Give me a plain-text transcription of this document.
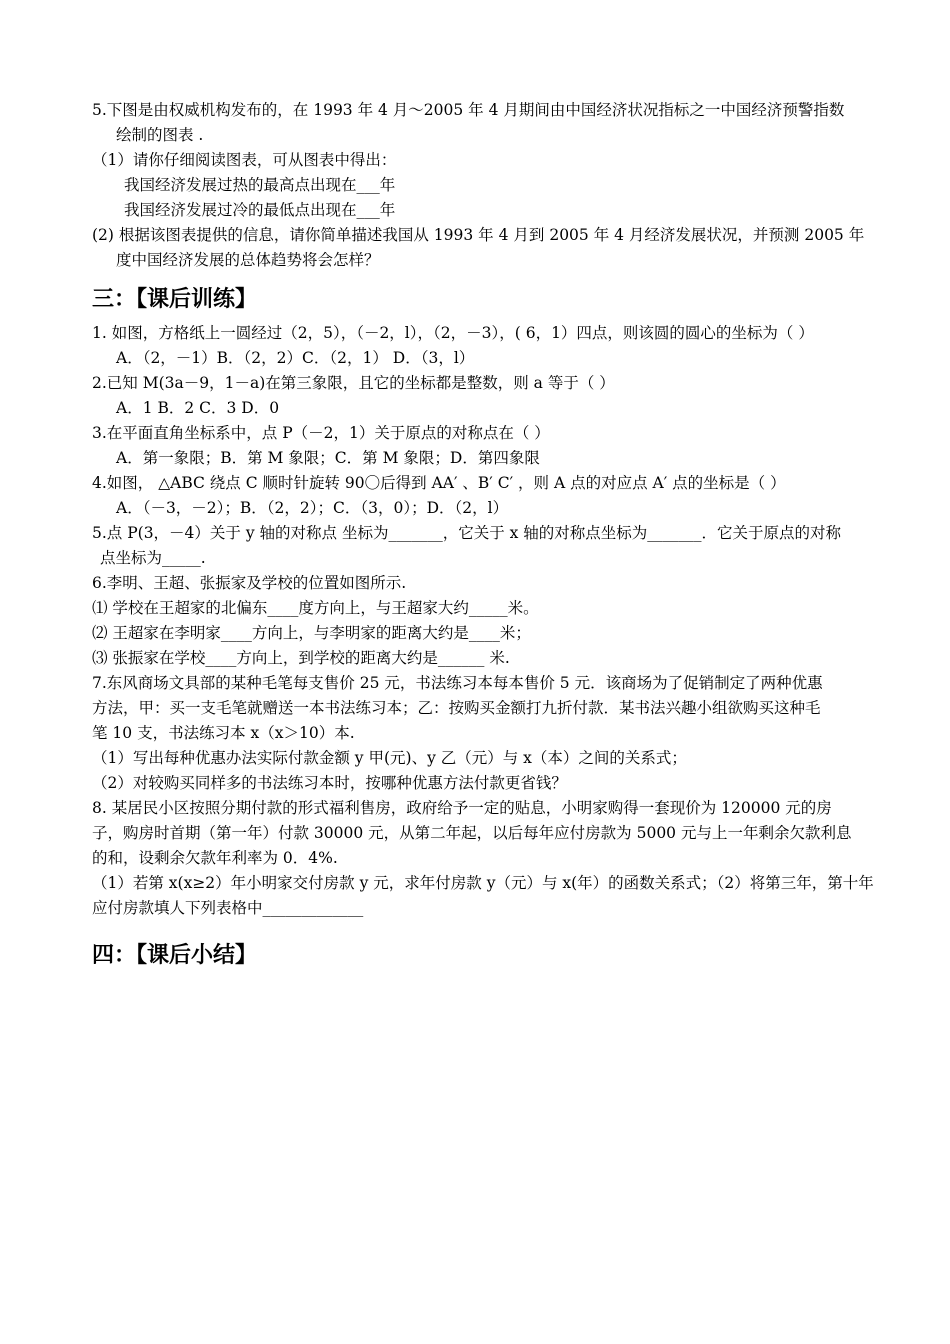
5.下图是由权威机构发布的，在 1993 年 4 月～2005 年 4 月期间由中国经济状况指标之一中国经济预警指数
绘制的图表 .
（1）请你仔细阅读图表，可从图表中得出：
我国经济发展过热的最高点出现在___年
我国经济发展过冷的最低点出现在___年
(2) 根据该图表提供的信息，请你简单描述我国从 1993 年 4 月到 2005 年 4 月经济发展状况，并预测 2005 年
度中国经济发展的总体趋势将会怎样？
三：【课后训练】
1. 如图，方格纸上一圆经过（2，5），（－2，l），（2，－3），( 6，1）四点，则该圆的圆心的坐标为（ ）
A．（2，－1）B．（2，2）C．（2，1） D．（3，l）
2.已知 M(3a－9，1－a)在第三象限，且它的坐标都是整数，则 a 等于（ ）
A．1 B．2 C．3 D．0
3.在平面直角坐标系中，点 P（－2，1）关于原点的对称点在（ ）
A．第一象限；B．第 M 象限；C．第 M 象限；D．第四象限
4.如图， △ABC 绕点 C 顺时针旋转 90〇后得到 AA′ 、B′ C′ ，则 A 点的对应点 A′ 点的坐标是（ ）
A．（－3，－2）；B．（2，2）；C．（3，0）；D．（2，l）
5.点 P(3，－4）关于 y 轴的对称点 坐标为_______，它关于 x 轴的对称点坐标为_______．它关于原点的对称
点坐标为_____.
6.李明、王超、张振家及学校的位置如图所示.
⑴ 学校在王超家的北偏东____度方向上，与王超家大约_____米。
⑵ 王超家在李明家____方向上，与李明家的距离大约是____米；
⑶ 张振家在学校____方向上，到学校的距离大约是______ 米.
7.东风商场文具部的某种毛笔每支售价 25 元，书法练习本每本售价 5 元．该商场为了促销制定了两种优惠
方法，甲：买一支毛笔就赠送一本书法练习本；乙：按购买金额打九折付款．某书法兴趣小组欲购买这种毛
笔 10 支，书法练习本 x（x＞10）本.
（1）写出每种优惠办法实际付款金额 y 甲(元)、y 乙（元）与 x（本）之间的关系式；
（2）对较购买同样多的书法练习本时，按哪种优惠方法付款更省钱？
8. 某居民小区按照分期付款的形式福利售房，政府给予一定的贴息，小明家购得一套现价为 120000 元的房
子，购房时首期（第一年）付款 30000 元，从第二年起，以后每年应付房款为 5000 元与上一年剩余欠款利息
的和，设剩余欠款年利率为 0．4%.
（1）若第 x(x≥2）年小明家交付房款 y 元，求年付房款 y（元）与 x(年）的函数关系式；（2）将第三年，第十年
应付房款填人下列表格中_____________
四：【课后小结】
